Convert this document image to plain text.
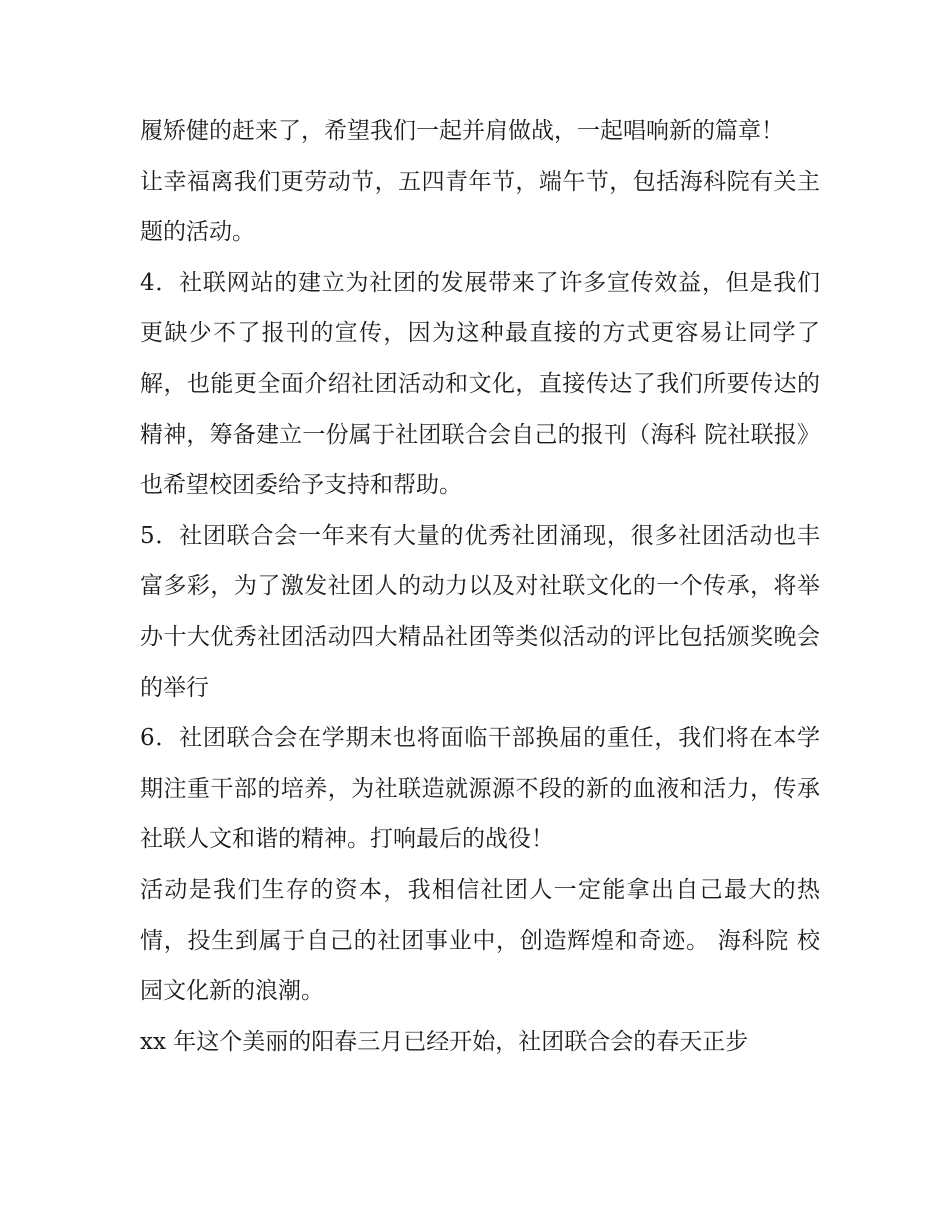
履矫健的赶来了，希望我们一起并肩做战，一起唱响新的篇章！

让幸福离我们更劳动节，五四青年节，端午节，包括海科院有关主题的活动。

4．社联网站的建立为社团的发展带来了许多宣传效益，但是我们更缺少不了报刊的宣传，因为这种最直接的方式更容易让同学了解，也能更全面介绍社团活动和文化，直接传达了我们所要传达的精神，筹备建立一份属于社团联合会自己的报刊（海科 院社联报》也希望校团委给予支持和帮助。

5．社团联合会一年来有大量的优秀社团涌现，很多社团活动也丰富多彩，为了激发社团人的动力以及对社联文化的一个传承，将举办十大优秀社团活动四大精品社团等类似活动的评比包括颁奖晚会的举行

6．社团联合会在学期末也将面临干部换届的重任，我们将在本学期注重干部的培养，为社联造就源源不段的新的血液和活力，传承社联人文和谐的精神。打响最后的战役！

活动是我们生存的资本，我相信社团人一定能拿出自己最大的热情，投生到属于自己的社团事业中，创造辉煌和奇迹。 海科院 校园文化新的浪潮。

xx 年这个美丽的阳春三月已经开始，社团联合会的春天正步
